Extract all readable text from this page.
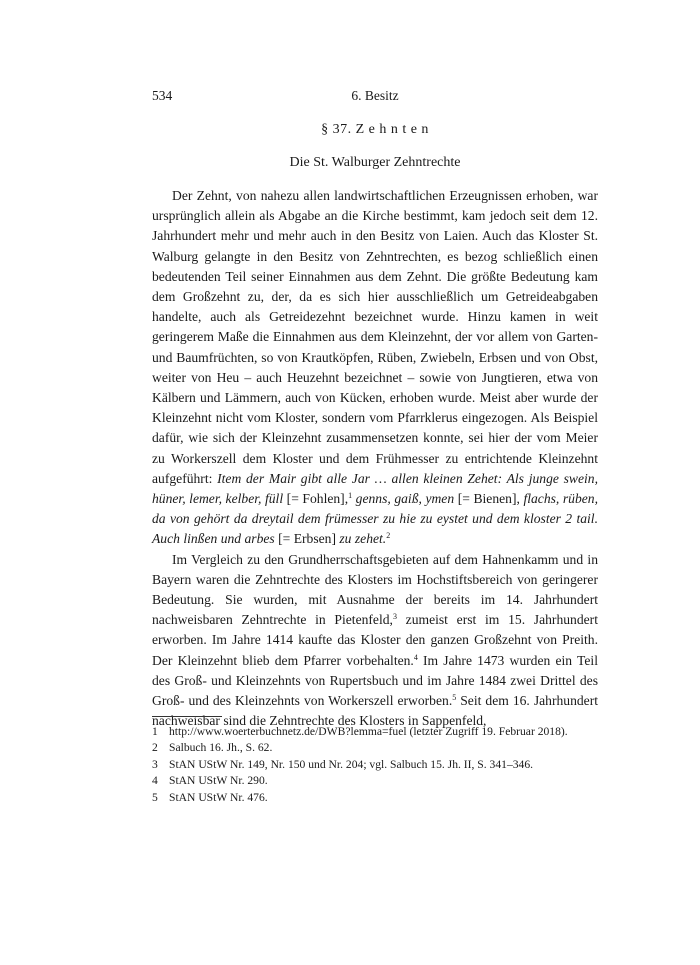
534	6. Besitz
§ 37. Z e h n t e n
Die St. Walburger Zehntrechte

Der Zehnt, von nahezu allen landwirtschaftlichen Erzeugnissen erhoben, war ursprünglich allein als Abgabe an die Kirche bestimmt, kam jedoch seit dem 12. Jahrhundert mehr und mehr auch in den Besitz von Laien. Auch das Kloster St. Walburg gelangte in den Besitz von Zehntrechten, es bezog schließlich einen bedeutenden Teil seiner Einnahmen aus dem Zehnt. Die größte Bedeutung kam dem Großzehnt zu, der, da es sich hier ausschließlich um Getreideabgaben handelte, auch als Getreidezehnt bezeichnet wurde. Hinzu kamen in weit geringerem Maße die Einnahmen aus dem Kleinzehnt, der vor allem von Garten- und Baumfrüchten, so von Krautköpfen, Rüben, Zwiebeln, Erbsen und von Obst, weiter von Heu – auch Heuzehnt bezeichnet – sowie von Jungtieren, etwa von Kälbern und Lämmern, auch von Kücken, erhoben wurde. Meist aber wurde der Kleinzehnt nicht vom Kloster, sondern vom Pfarrklerus eingezogen. Als Beispiel dafür, wie sich der Kleinzehnt zusammensetzen konnte, sei hier der vom Meier zu Workerszell dem Kloster und dem Frühmesser zu entrichtende Kleinzehnt aufgeführt: Item der Mair gibt alle Jar … allen kleinen Zehet: Als junge swein, hüner, lemer, kelber, füll [= Fohlen],$^1$ genns, gaiß, ymen [= Bienen], flachs, rüben, da von gehört da dreytail dem frümesser zu hie zu eystet und dem kloster 2 tail. Auch linßen und arbes [= Erbsen] zu zehet.$^2$

Im Vergleich zu den Grundherrschaftsgebieten auf dem Hahnenkamm und in Bayern waren die Zehntrechte des Klosters im Hochstiftsbereich von geringerer Bedeutung. Sie wurden, mit Ausnahme der bereits im 14. Jahrhundert nachweisbaren Zehntrechte in Pietenfeld,$^3$ zumeist erst im 15. Jahrhundert erworben. Im Jahre 1414 kaufte das Kloster den ganzen Großzehnt von Preith. Der Kleinzehnt blieb dem Pfarrer vorbehalten.$^4$ Im Jahre 1473 wurden ein Teil des Groß- und Kleinzehnts von Rupertsbuch und im Jahre 1484 zwei Drittel des Groß- und des Kleinzehnts von Workerszell erworben.$^5$ Seit dem 16. Jahrhundert nachweisbar sind die Zehntrechte des Klosters in Sappenfeld,

1 http://www.woerterbuchnetz.de/DWB?lemma=fuel (letzter Zugriff 19. Februar 2018).

2 Salbuch 16. Jh., S. 62.

3 StAN UStW Nr. 149, Nr. 150 und Nr. 204; vgl. Salbuch 15. Jh. II, S. 341–346.

4 StAN UStW Nr. 290.

5 StAN UStW Nr. 476.
